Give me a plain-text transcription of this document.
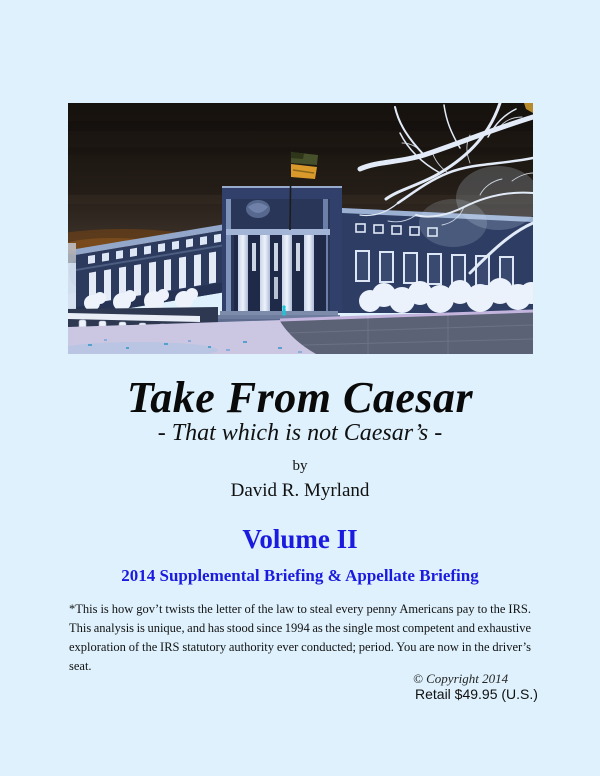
Take From Caesar
- That which is not Caesar’s -
by
David R. Myrland
Volume II
2014 Supplemental Briefing & Appellate Briefing

*This is how gov’t twists the letter of the law to steal every penny Americans pay to the IRS. This analysis is unique, and has stood since 1994 as the single most competent and exhaustive exploration of the IRS statutory authority ever conducted; period. You are now in the driver’s seat.

© Copyright 2014
Retail $49.95 (U.S.)
